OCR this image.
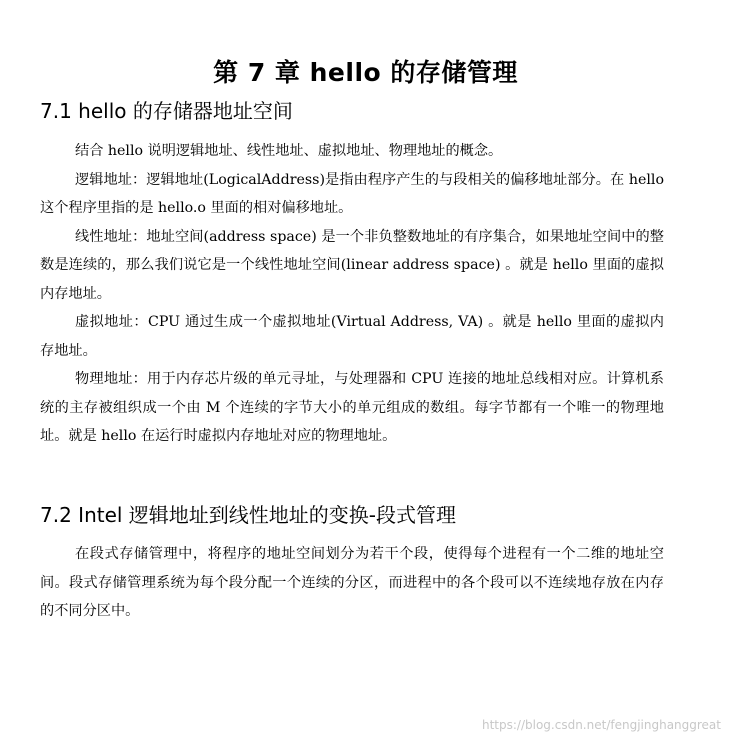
第 7 章 hello 的存储管理
7.1 hello 的存储器地址空间

结合 hello 说明逻辑地址、线性地址、虚拟地址、物理地址的概念。

逻辑地址：逻辑地址(LogicalAddress)是指由程序产生的与段相关的偏移地址部分。在 hello 这个程序里指的是 hello.o 里面的相对偏移地址。

线性地址：地址空间(address space) 是一个非负整数地址的有序集合，如果地址空间中的整数是连续的，那么我们说它是一个线性地址空间(linear address space) 。就是 hello 里面的虚拟内存地址。

虚拟地址：CPU 通过生成一个虚拟地址(Virtual Address, VA) 。就是 hello 里面的虚拟内存地址。

物理地址：用于内存芯片级的单元寻址，与处理器和 CPU 连接的地址总线相对应。计算机系统的主存被组织成一个由 M 个连续的字节大小的单元组成的数组。每字节都有一个唯一的物理地址。就是 hello 在运行时虚拟内存地址对应的物理地址。

7.2 Intel 逻辑地址到线性地址的变换-段式管理

在段式存储管理中，将程序的地址空间划分为若干个段，使得每个进程有一个二维的地址空间。段式存储管理系统为每个段分配一个连续的分区，而进程中的各个段可以不连续地存放在内存的不同分区中。

https://blog.csdn.net/fengjinghanggreat
